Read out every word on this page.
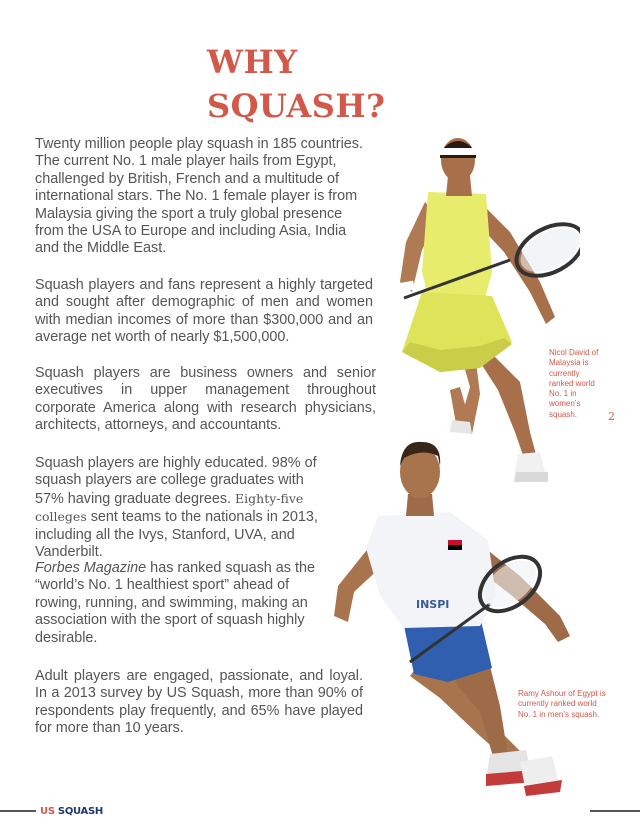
WHY
SQUASH?

Twenty million people play squash in 185 countries. The current No. 1 male player hails from Egypt, challenged by British, French and a multitude of international stars. The No. 1 female player is from Malaysia giving the sport a truly global presence from the USA to Europe and including Asia, India and the Middle East.

Squash players and fans represent a highly targeted and sought after demographic of men and women with median incomes of more than $300,000 and an average net worth of nearly $1,500,000.

Squash players are business owners and senior executives in upper management throughout corporate America along with research physicians, architects, attorneys, and accountants.

Squash players are highly educated. 98% of squash players are college graduates with 57% having graduate degrees. Eighty-five colleges sent teams to the nationals in 2013, including all the Ivys, Stanford, UVA, and Vanderbilt.

Forbes Magazine has ranked squash as the “world’s No. 1 healthiest sport” ahead of rowing, running, and swimming, making an association with the sport of squash highly desirable.

Adult players are engaged, passionate, and loyal. In a 2013 survey by US Squash, more than 90% of respondents play frequently, and 65% have played for more than 10 years.

INSPI
Nicol David of Malaysia is currently ranked world No. 1 in women’s squash.
Ramy Ashour of Egypt is currently ranked world No. 1 in men’s squash.
2
US SQUASH
